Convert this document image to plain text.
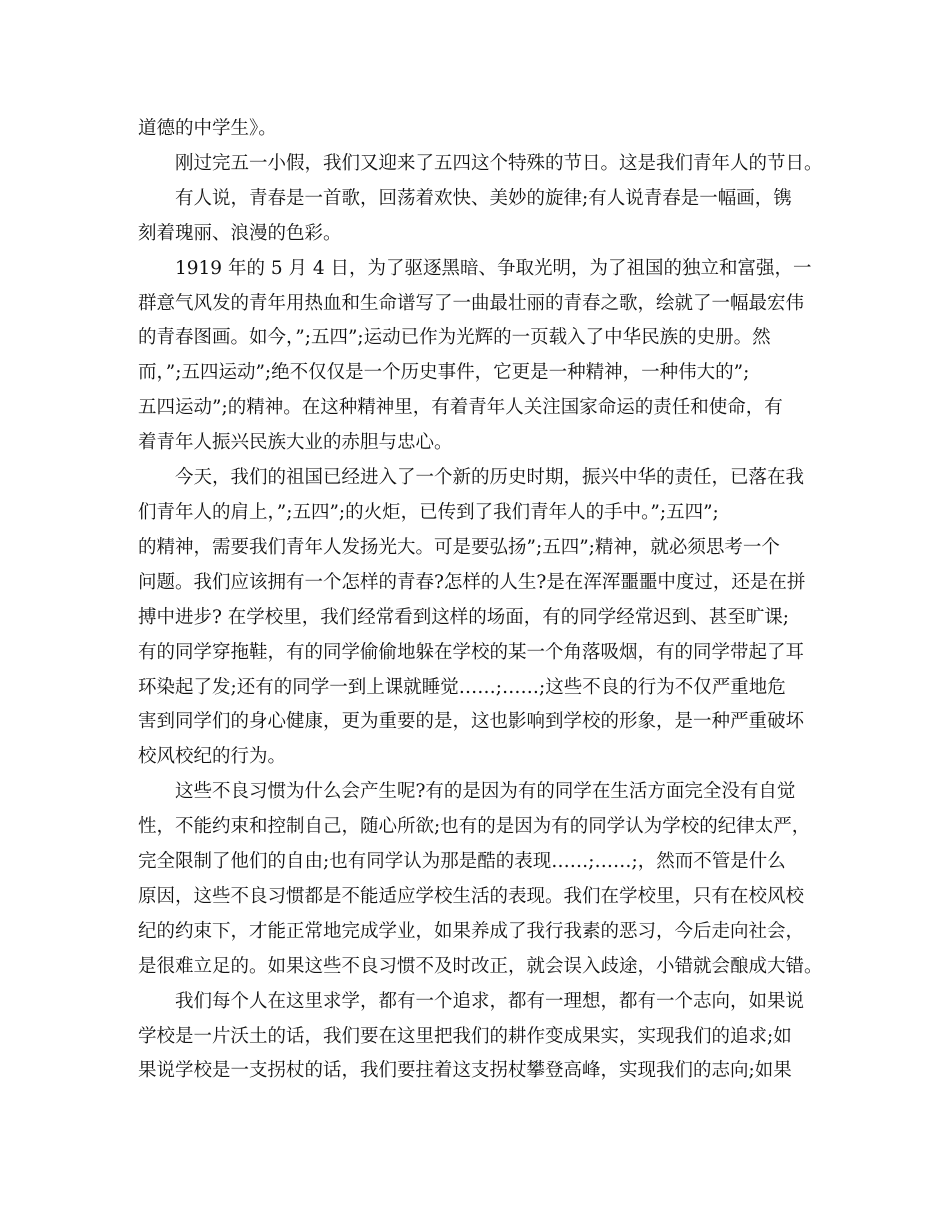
道德的中学生》。
刚过完五一小假，我们又迎来了五四这个特殊的节日。这是我们青年人的节日。
有人说，青春是一首歌，回荡着欢快、美妙的旋律;有人说青春是一幅画，镌
刻着瑰丽、浪漫的色彩。
1919 年的 5 月 4 日，为了驱逐黑暗、争取光明，为了祖国的独立和富强，一
群意气风发的青年用热血和生命谱写了一曲最壮丽的青春之歌，绘就了一幅最宏伟
的青春图画。如今，”;五四”;运动已作为光辉的一页载入了中华民族的史册。然
而，”;五四运动”;绝不仅仅是一个历史事件，它更是一种精神，一种伟大的”;
五四运动”;的精神。在这种精神里，有着青年人关注国家命运的责任和使命，有
着青年人振兴民族大业的赤胆与忠心。
今天，我们的祖国已经进入了一个新的历史时期，振兴中华的责任，已落在我
们青年人的肩上，”;五四”;的火炬，已传到了我们青年人的手中。”;五四”;
的精神，需要我们青年人发扬光大。可是要弘扬”;五四”;精神，就必须思考一个
问题。我们应该拥有一个怎样的青春?怎样的人生?是在浑浑噩噩中度过，还是在拼
搏中进步? 在学校里，我们经常看到这样的场面，有的同学经常迟到、甚至旷课;
有的同学穿拖鞋，有的同学偷偷地躲在学校的某一个角落吸烟，有的同学带起了耳
环染起了发;还有的同学一到上课就睡觉……;……;这些不良的行为不仅严重地危
害到同学们的身心健康，更为重要的是，这也影响到学校的形象，是一种严重破坏
校风校纪的行为。
这些不良习惯为什么会产生呢?有的是因为有的同学在生活方面完全没有自觉
性，不能约束和控制自己，随心所欲;也有的是因为有的同学认为学校的纪律太严，
完全限制了他们的自由;也有同学认为那是酷的表现……;……;，然而不管是什么
原因，这些不良习惯都是不能适应学校生活的表现。我们在学校里，只有在校风校
纪的约束下，才能正常地完成学业，如果养成了我行我素的恶习，今后走向社会，
是很难立足的。如果这些不良习惯不及时改正，就会误入歧途，小错就会酿成大错。
我们每个人在这里求学，都有一个追求，都有一理想，都有一个志向，如果说
学校是一片沃土的话，我们要在这里把我们的耕作变成果实，实现我们的追求;如
果说学校是一支拐杖的话，我们要拄着这支拐杖攀登高峰，实现我们的志向;如果
